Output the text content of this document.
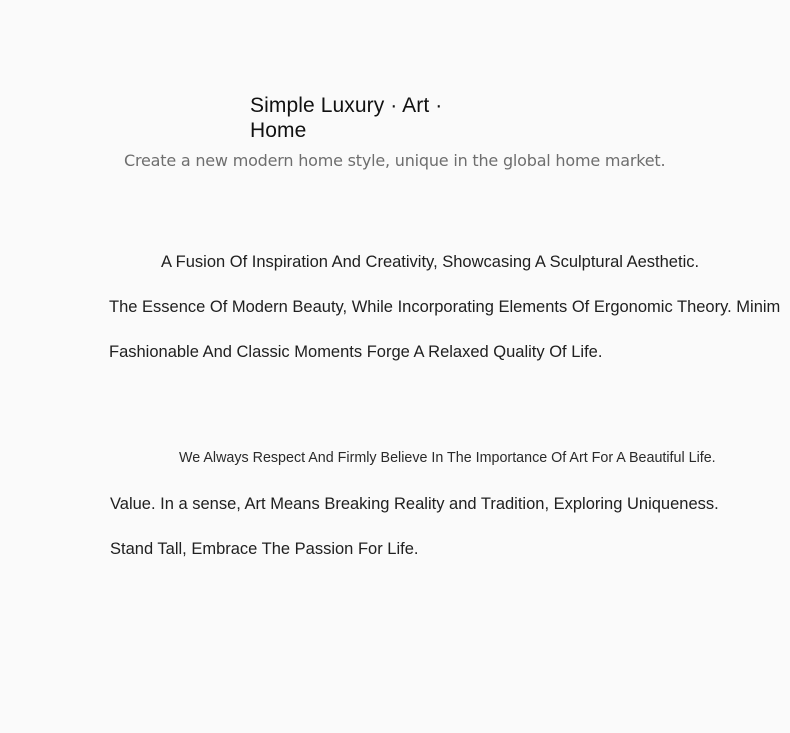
Simple Luxury · Art · Home
Create a new modern home style, unique in the global home market.
A Fusion Of Inspiration And Creativity, Showcasing A Sculptural Aesthetic.
The Essence Of Modern Beauty, While Incorporating Elements Of Ergonomic Theory. Minim
Fashionable And Classic Moments Forge A Relaxed Quality Of Life.
We Always Respect And Firmly Believe In The Importance Of Art For A Beautiful Life.
Value. In a sense, Art Means Breaking Reality and Tradition, Exploring Uniqueness.
Stand Tall, Embrace The Passion For Life.
